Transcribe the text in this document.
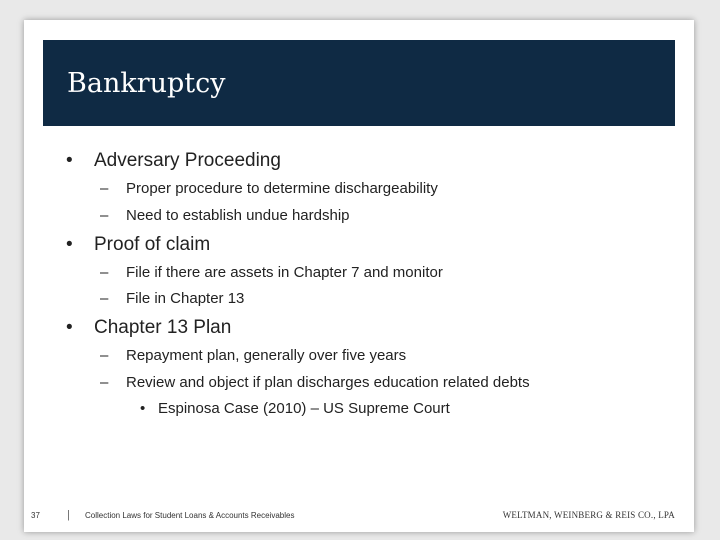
Bankruptcy
• Adversary Proceeding
– Proper procedure to determine dischargeability
– Need to establish undue hardship
• Proof of claim
– File if there are assets in Chapter 7 and monitor
– File in Chapter 13
• Chapter 13 Plan
– Repayment plan, generally over five years
– Review and object if plan discharges education related debts
• Espinosa Case (2010) – US Supreme Court
37 | Collection Laws for Student Loans & Accounts Receivables	WELTMAN, WEINBERG & REIS CO., LPA
